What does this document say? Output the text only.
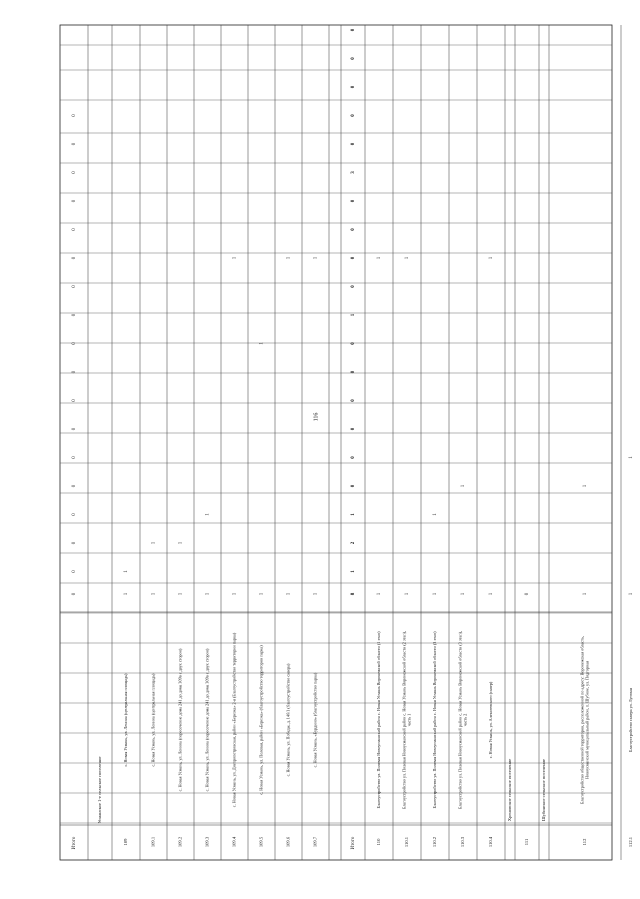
116
Итого
0
0
0
0
0
0
0
0
0
0
0
0
0
0
0
0
0
0
Усманское 1-е сельское поселение
109
с. Новая Усмань, ул. Ленина (центральная площадь)
1
1
109.1
с. Новая Усмань, ул. Ленина (центральная площадь)
1
1
109.2
с. Новая Усмань, ул. Ленина (пересечение дома 241 до дома 309в с двух сторон)
1
1
109.3
с. Новая Усмань, ул. Ленина (пересечение дома 241 до дома 309в с двух сторон)
1
1
109.4
с. Новая Усмань, ул. Днепропетровская, район «Березка» 2-я (Благоустройство территории парка)
1
1
109.5
с. Новая Усмань, ул. Полевая, район «Березка» (благоустройство территории парка)
1
1
109.6
с. Новая Усмань, ул. Победы, д. 14б/1 (благоустройство сквера)
1
1
109.7
с. Новая Усмань, «Бурдино» (благоустройство парка)
1
1
Итого
8
1
2
1
0
0
0
0
0
0
1
0
0
0
0
3
0
0
0
0
0
110
Благоустройство ул. Полевая Новоусманский район с. Новая Усмань Воронежской области (1 этап)
1
1
110.1
Благоустройство ул. Полевая Новоусманский район с. Новая Усмань Воронежской области (2 этап), часть 1
1
1
110.2
Благоустройство ул. Полевая Новоусманский район с. Новая Усмань Воронежской области (3 этап)
1
1
110.3
Благоустройство ул. Полевая Новоусманский район с. Новая Усмань Воронежской области (3 этап), часть 2
1
1
110.4
с. Новая Усмань, ул. Алексеевского (сквер)
1
1
Хреновское сельское поселение
111
0
Шубинское сельское поселение
112
Благоустройство общественной территории, расположенной по адресу: Воронежская область, Новоусманский муниципальный район, п. Шубное, ул. Подгорная
1
1
112.1
Благоустройство сквера ул. Луговая
1
1
